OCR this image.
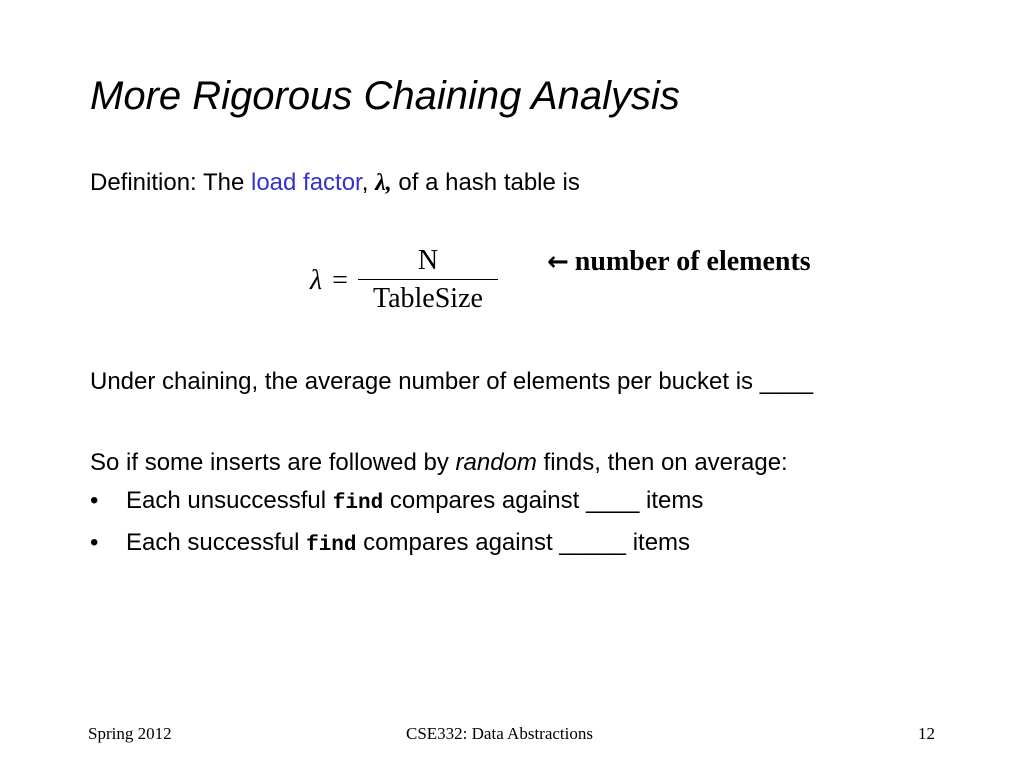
More Rigorous Chaining Analysis
Definition: The load factor, λ, of a hash table is
$\lambda = \frac{N}{\text{TableSize}}$ ← number of elements
Under chaining, the average number of elements per bucket is ____
So if some inserts are followed by random finds, then on average:
• Each unsuccessful find compares against ____ items
• Each successful find compares against _____ items
Spring 2012	CSE332: Data Abstractions	12
